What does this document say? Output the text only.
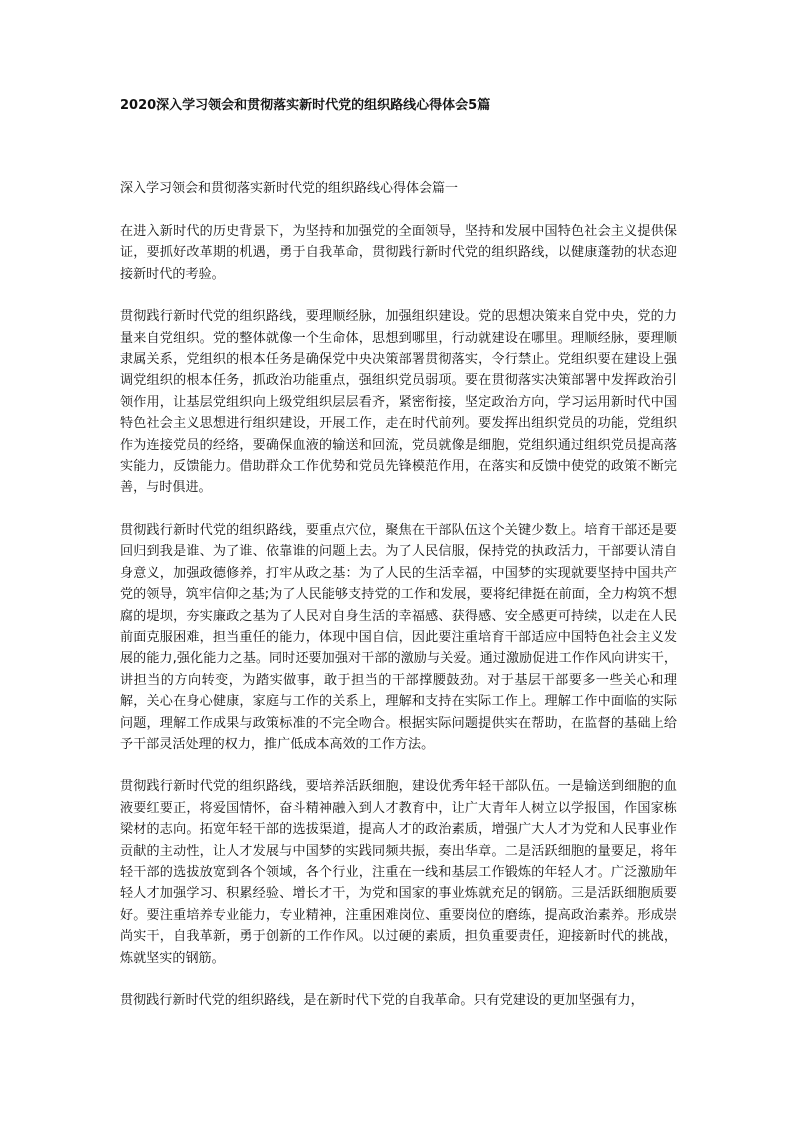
2020深入学习领会和贯彻落实新时代党的组织路线心得体会5篇
深入学习领会和贯彻落实新时代党的组织路线心得体会篇一

在进入新时代的历史背景下，为坚持和加强党的全面领导，坚持和发展中国特色社会主义提供保证，要抓好改革期的机遇，勇于自我革命，贯彻践行新时代党的组织路线，以健康蓬勃的状态迎接新时代的考验。

贯彻践行新时代党的组织路线，要理顺经脉，加强组织建设。党的思想决策来自党中央，党的力量来自党组织。党的整体就像一个生命体，思想到哪里，行动就建设在哪里。理顺经脉，要理顺隶属关系，党组织的根本任务是确保党中央决策部署贯彻落实，令行禁止。党组织要在建设上强调党组织的根本任务，抓政治功能重点，强组织党员弱项。要在贯彻落实决策部署中发挥政治引领作用，让基层党组织向上级党组织层层看齐，紧密衔接，坚定政治方向，学习运用新时代中国特色社会主义思想进行组织建设，开展工作，走在时代前列。要发挥出组织党员的功能，党组织作为连接党员的经络，要确保血液的输送和回流，党员就像是细胞，党组织通过组织党员提高落实能力，反馈能力。借助群众工作优势和党员先锋模范作用，在落实和反馈中使党的政策不断完善，与时俱进。

贯彻践行新时代党的组织路线，要重点穴位，聚焦在干部队伍这个关键少数上。培育干部还是要回归到我是谁、为了谁、依靠谁的问题上去。为了人民信服，保持党的执政活力，干部要认清自身意义，加强政德修养，打牢从政之基：为了人民的生活幸福，中国梦的实现就要坚持中国共产党的领导，筑牢信仰之基;为了人民能够支持党的工作和发展，要将纪律挺在前面，全力构筑不想腐的堤坝，夯实廉政之基为了人民对自身生活的幸福感、获得感、安全感更可持续，以走在人民前面克服困难，担当重任的能力，体现中国自信，因此要注重培育干部适应中国特色社会主义发展的能力,强化能力之基。同时还要加强对干部的激励与关爱。通过激励促进工作作风向讲实干，讲担当的方向转变，为踏实做事，敢于担当的干部撑腰鼓劲。对于基层干部要多一些关心和理解，关心在身心健康，家庭与工作的关系上，理解和支持在实际工作上。理解工作中面临的实际问题，理解工作成果与政策标准的不完全吻合。根据实际问题提供实在帮助，在监督的基础上给予干部灵活处理的权力，推广低成本高效的工作方法。

贯彻践行新时代党的组织路线，要培养活跃细胞，建设优秀年轻干部队伍。一是输送到细胞的血液要红要正，将爱国情怀，奋斗精神融入到人才教育中，让广大青年人树立以学报国，作国家栋梁材的志向。拓宽年轻干部的选拔渠道，提高人才的政治素质，增强广大人才为党和人民事业作贡献的主动性，让人才发展与中国梦的实践同频共振，奏出华章。二是活跃细胞的量要足，将年轻干部的选拔放宽到各个领域，各个行业，注重在一线和基层工作锻炼的年轻人才。广泛激励年轻人才加强学习、积累经验、增长才干，为党和国家的事业炼就充足的钢筋。三是活跃细胞质要好。要注重培养专业能力，专业精神，注重困难岗位、重要岗位的磨练，提高政治素养。形成崇尚实干，自我革新，勇于创新的工作作风。以过硬的素质，担负重要责任，迎接新时代的挑战，炼就坚实的钢筋。

贯彻践行新时代党的组织路线，是在新时代下党的自我革命。只有党建设的更加坚强有力，
